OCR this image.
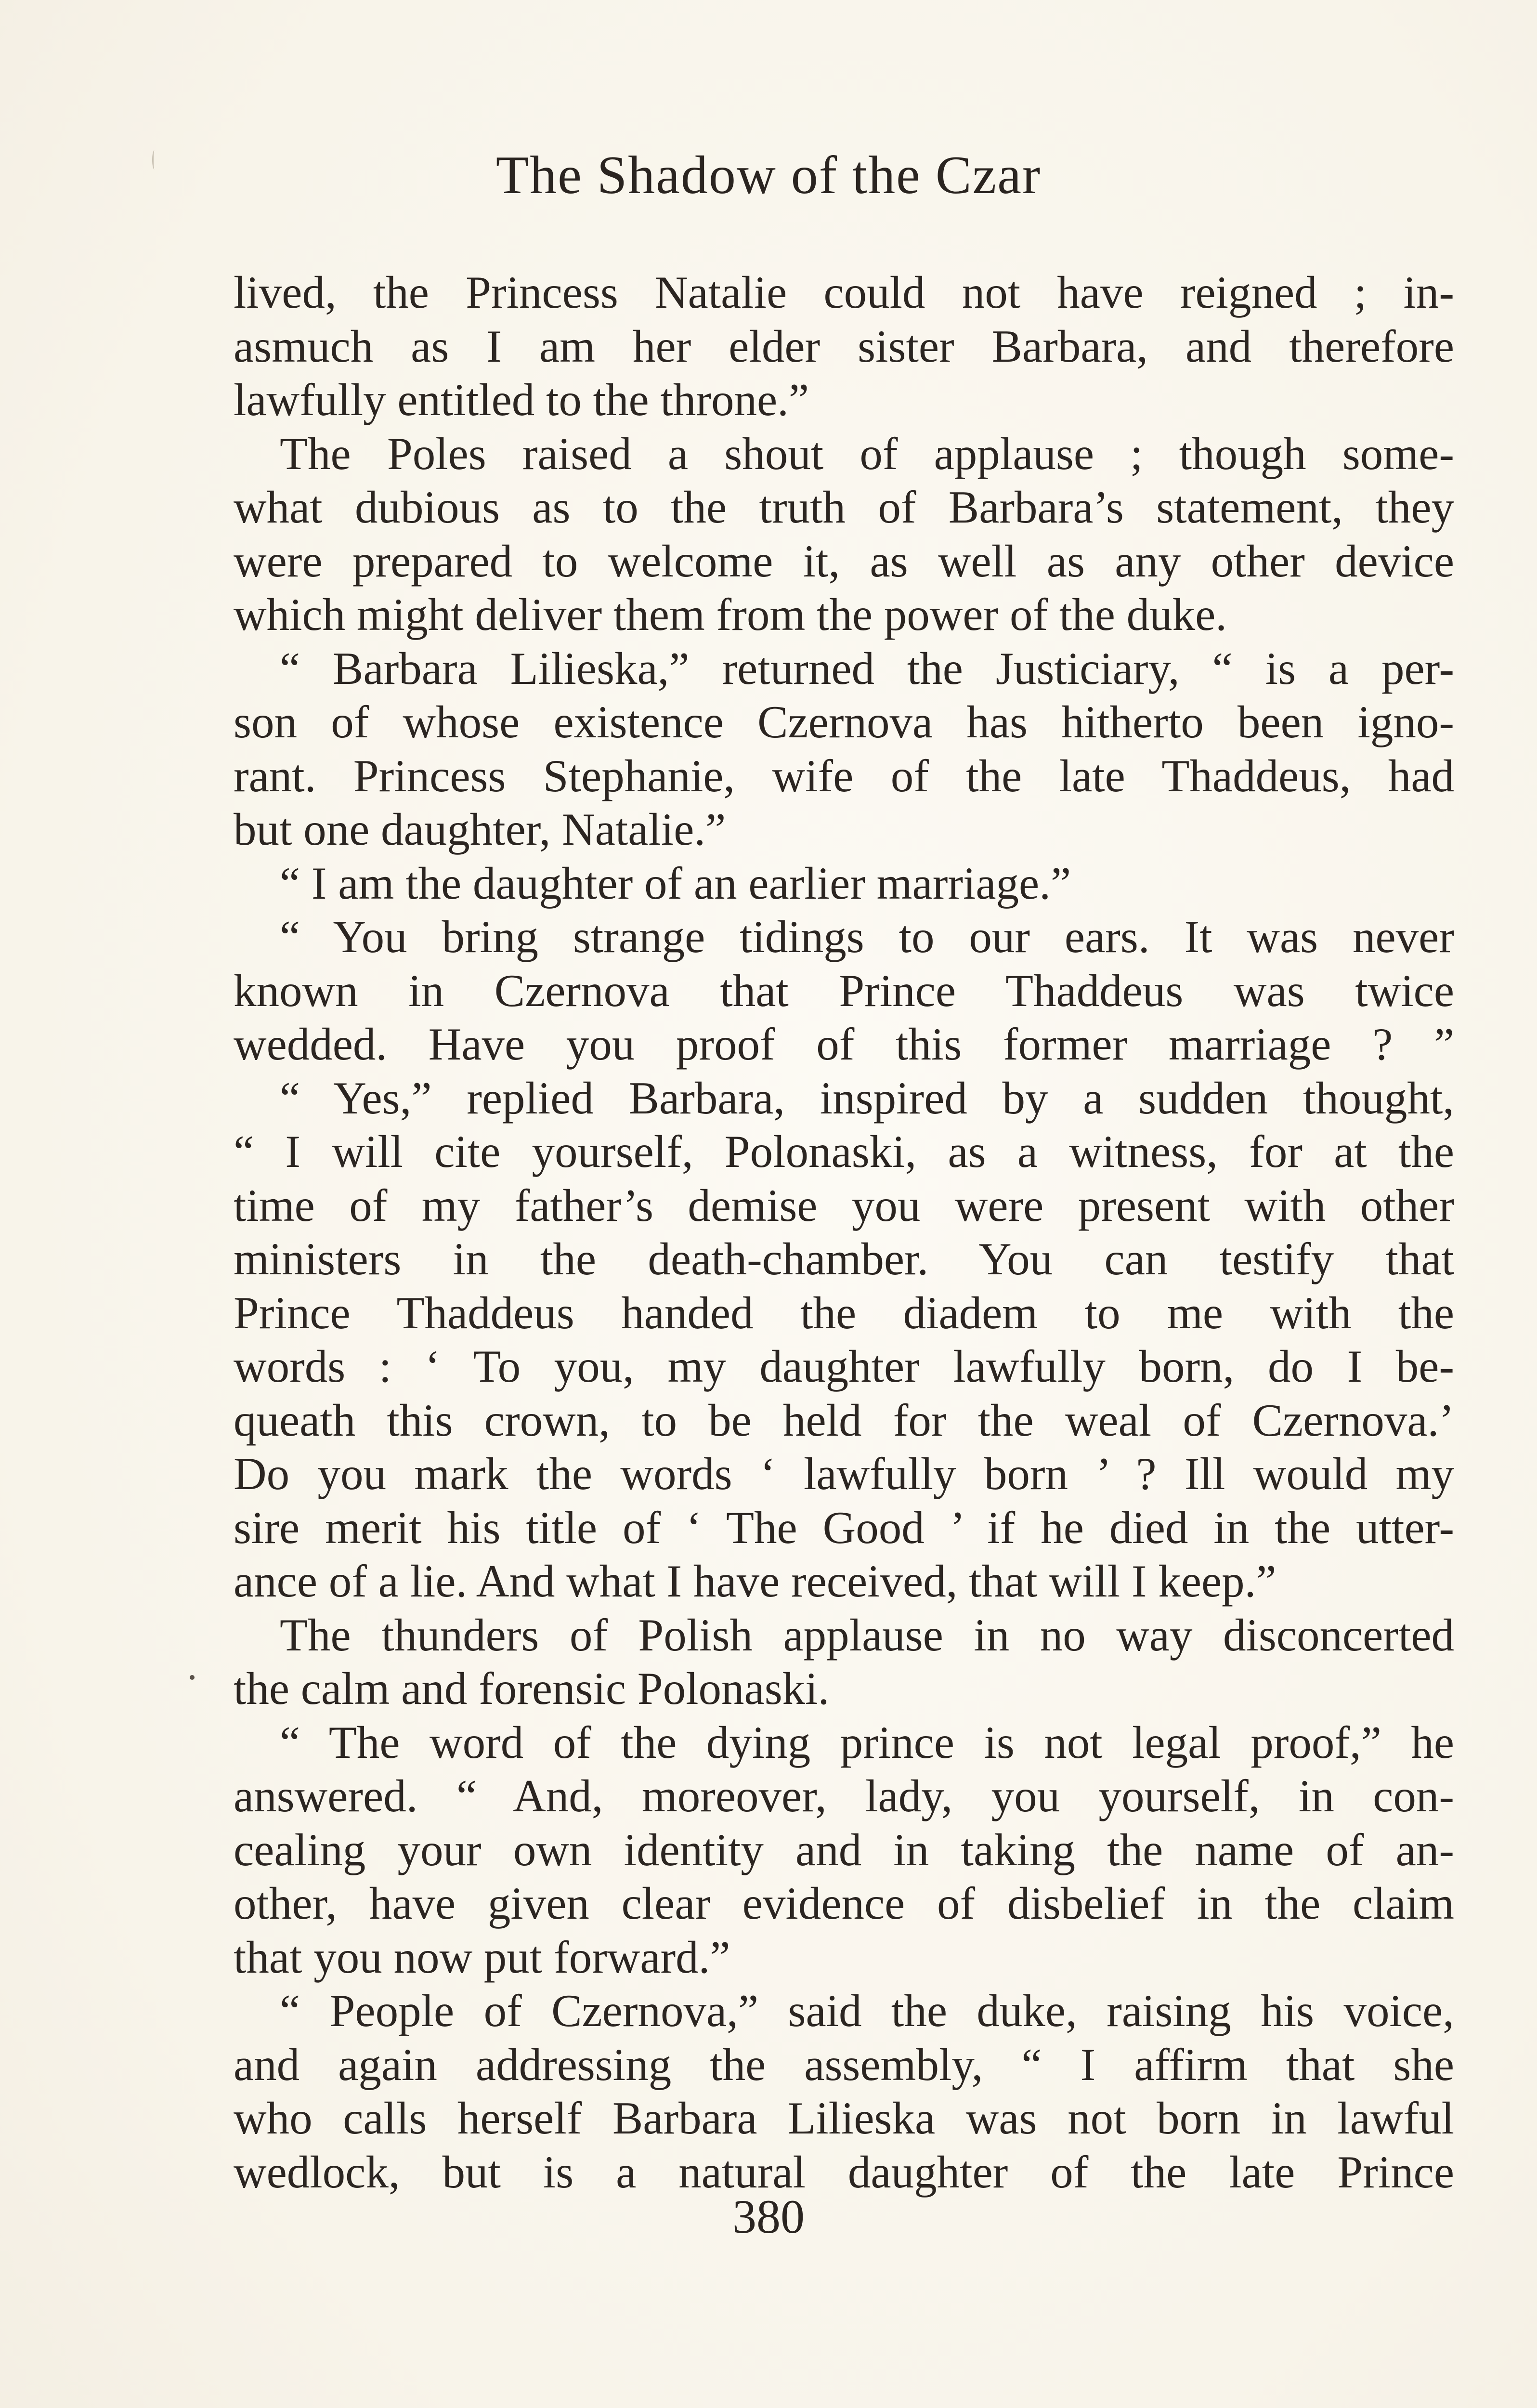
The Shadow of the Czar
lived, the Princess Natalie could not have reigned ; in-
asmuch as I am her elder sister Barbara, and therefore
lawfully entitled to the throne.”
The Poles raised a shout of applause ; though some-
what dubious as to the truth of Barbara’s statement, they
were prepared to welcome it, as well as any other device
which might deliver them from the power of the duke.
“ Barbara Lilieska,” returned the Justiciary, “ is a per-
son of whose existence Czernova has hitherto been igno-
rant. Princess Stephanie, wife of the late Thaddeus, had
but one daughter, Natalie.”
“ I am the daughter of an earlier marriage.”
“ You bring strange tidings to our ears. It was never
known in Czernova that Prince Thaddeus was twice
wedded. Have you proof of this former marriage ? ”
“ Yes,” replied Barbara, inspired by a sudden thought,
“ I will cite yourself, Polonaski, as a witness, for at the
time of my father’s demise you were present with other
ministers in the death-chamber. You can testify that
Prince Thaddeus handed the diadem to me with the
words : ‘ To you, my daughter lawfully born, do I be-
queath this crown, to be held for the weal of Czernova.’
Do you mark the words ‘ lawfully born ’ ? Ill would my
sire merit his title of ‘ The Good ’ if he died in the utter-
ance of a lie. And what I have received, that will I keep.”
The thunders of Polish applause in no way disconcerted
the calm and forensic Polonaski.
“ The word of the dying prince is not legal proof,” he
answered. “ And, moreover, lady, you yourself, in con-
cealing your own identity and in taking the name of an-
other, have given clear evidence of disbelief in the claim
that you now put forward.”
“ People of Czernova,” said the duke, raising his voice,
and again addressing the assembly, “ I affirm that she
who calls herself Barbara Lilieska was not born in lawful
wedlock, but is a natural daughter of the late Prince
380
